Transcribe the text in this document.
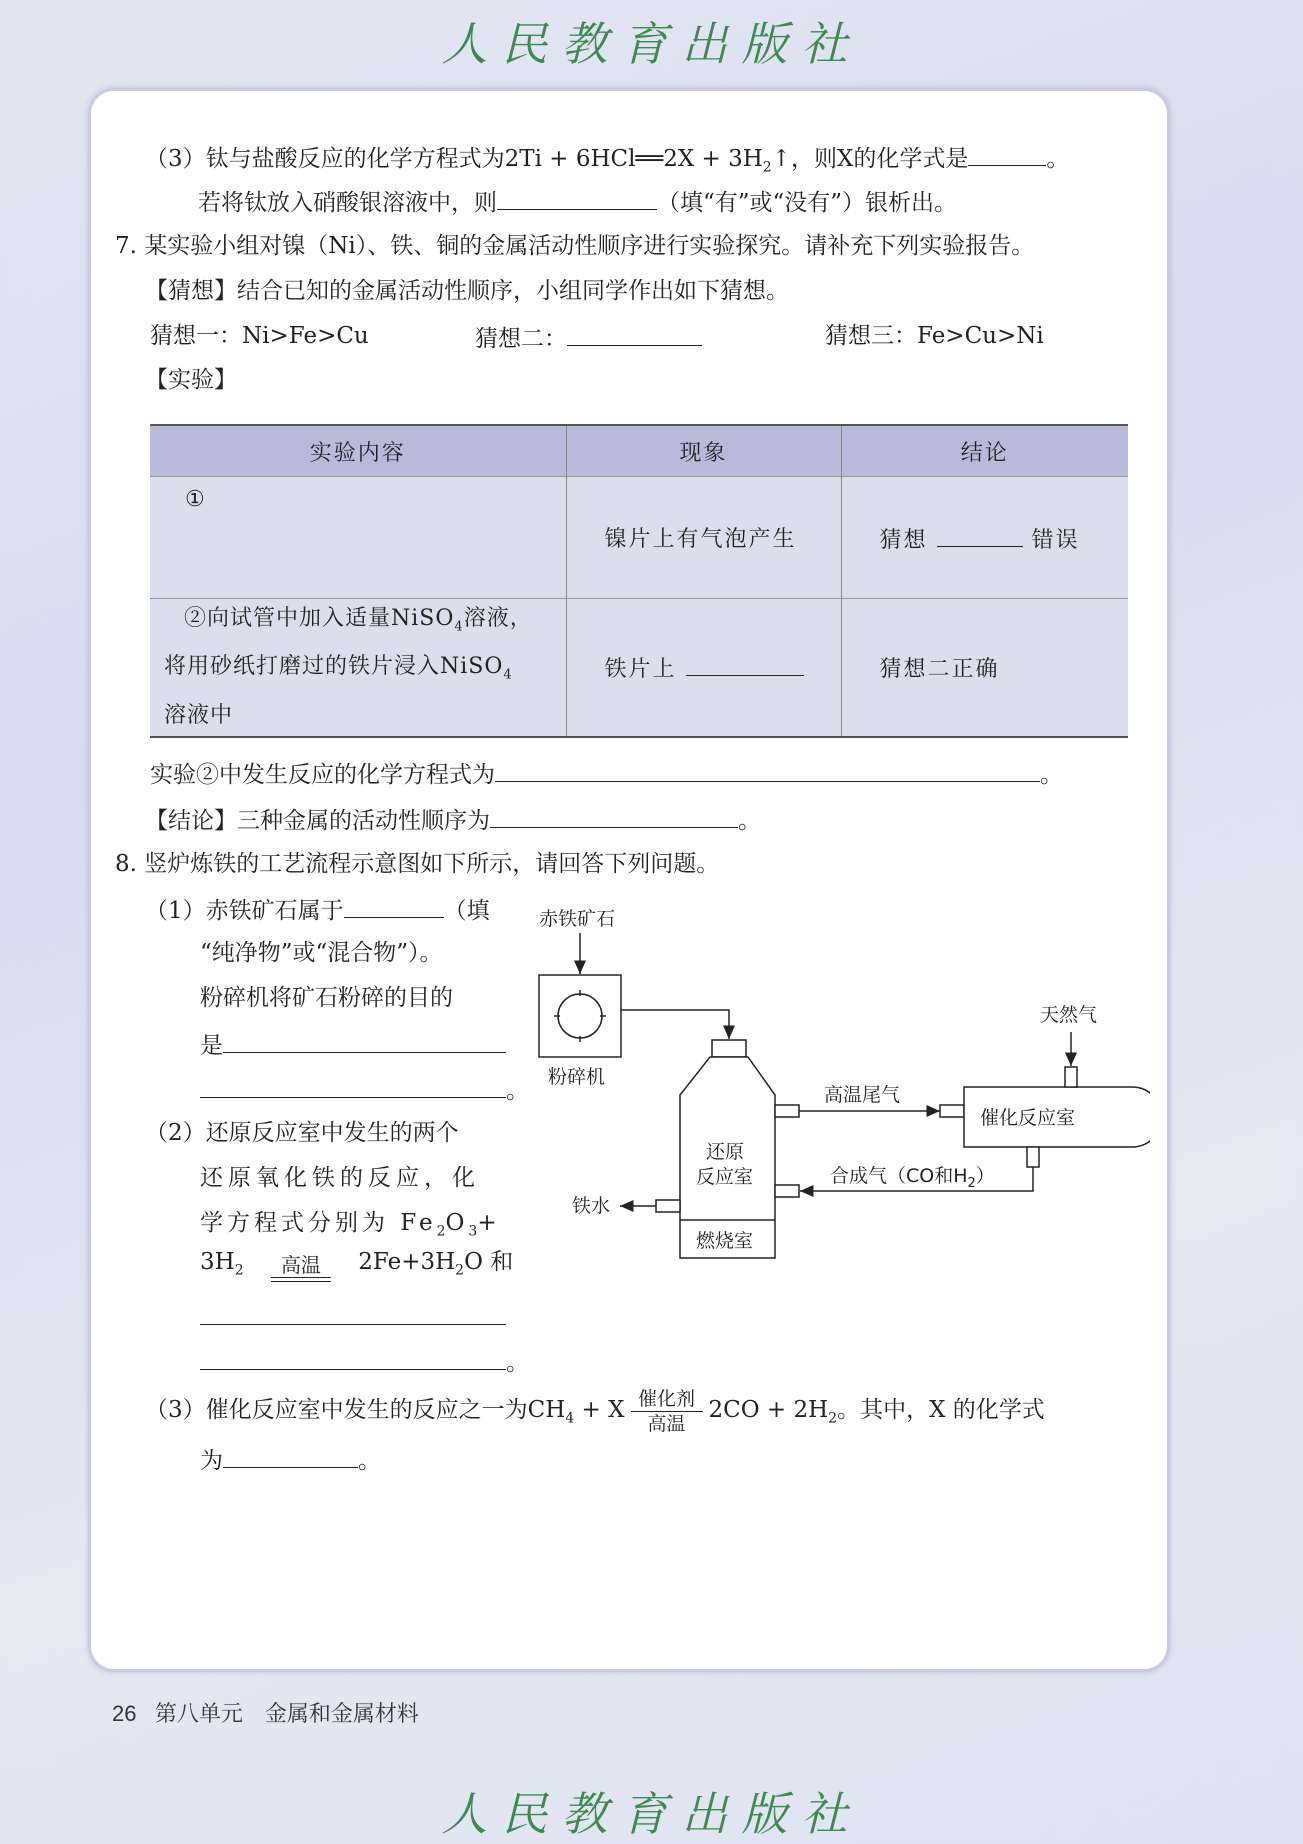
人民教育出版社
（3）钛与盐酸反应的化学方程式为2Ti + 6HCl══2X + $3H_2↑$，则X的化学式是	。
若将钛放入硝酸银溶液中，则	（填“有”或“没有”）银析出。
7. 某实验小组对镍（Ni）、铁、铜的金属活动性顺序进行实验探究。请补充下列实验报告。
【猜想】结合已知的金属活动性顺序，小组同学作出如下猜想。
猜想一：Ni>Fe>Cu	猜想二：	猜想三：Fe>Cu>Ni
【实验】
实验内容	现象	结论
①	镍片上有气泡产生	猜想 错误

②向试管中加入适量NiSO$_4$溶液，
将用砂纸打磨过的铁片浸入NiSO$_4$
溶液中	铁片上	猜想二正确
实验②中发生反应的化学方程式为	。
【结论】三种金属的活动性顺序为	。
8. 竖炉炼铁的工艺流程示意图如下所示，请回答下列问题。
（1）赤铁矿石属于	（填
“纯净物”或“混合物”）。
粉碎机将矿石粉碎的目的
是
。
（2）还原反应室中发生的两个
还原氧化铁的反应，化
学方程式分别为 $Fe_2O_3+$
$3H_2$	高温	$2Fe+3H_2O$ 和
。
（3）催化反应室中发生的反应之一为$CH_4 + X \frac{\text{催化剂}}{\text{高温}} 2CO + 2H_2$。其中，X 的化学式
为	。
赤铁矿石
粉碎机
还原
反应室
燃烧室
铁水
高温尾气
催化反应室
天然气
合成气（CO和$H_2$）
26 第八单元　金属和金属材料
人民教育出版社
